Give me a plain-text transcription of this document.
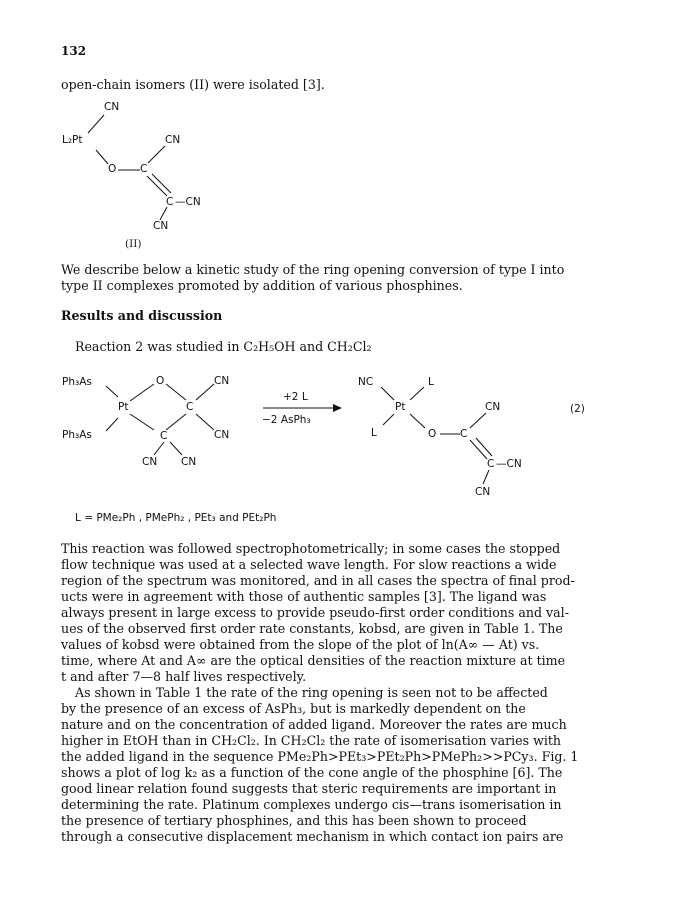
132
open-chain isomers (II) were isolated [3].
CN
L₂Pt	CN
O C
C —CN
CN
(II)
We describe below a kinetic study of the ring opening conversion of type I into
type II complexes promoted by addition of various phosphines.
Results and discussion
Reaction 2 was studied in C₂H₅OH and CH₂Cl₂
Ph₃As	O	CN
Pt	C
Ph₃As	C	CN
CN CN
+2 L
−2 AsPh₃
NC	L
Pt	CN
L	O C
C —CN
CN
(2)
L = PMe₂Ph , PMePh₂ , PEt₃ and PEt₂Ph
This reaction was followed spectrophotometrically; in some cases the stopped
flow technique was used at a selected wave length. For slow reactions a wide
region of the spectrum was monitored, and in all cases the spectra of final prod-
ucts were in agreement with those of authentic samples [3]. The ligand was
always present in large excess to provide pseudo-first order conditions and val-
ues of the observed first order rate constants, kobsd, are given in Table 1. The
values of kobsd were obtained from the slope of the plot of ln(A∞ — At) vs.
time, where At and A∞ are the optical densities of the reaction mixture at time
t and after 7—8 half lives respectively.
As shown in Table 1 the rate of the ring opening is seen not to be affected
by the presence of an excess of AsPh₃, but is markedly dependent on the
nature and on the concentration of added ligand. Moreover the rates are much
higher in EtOH than in CH₂Cl₂. In CH₂Cl₂ the rate of isomerisation varies with
the added ligand in the sequence PMe₂Ph>PEt₃>PEt₂Ph>PMePh₂>>PCy₃. Fig. 1
shows a plot of log k₂ as a function of the cone angle of the phosphine [6]. The
good linear relation found suggests that steric requirements are important in
determining the rate. Platinum complexes undergo cis—trans isomerisation in
the presence of tertiary phosphines, and this has been shown to proceed
through a consecutive displacement mechanism in which contact ion pairs are
